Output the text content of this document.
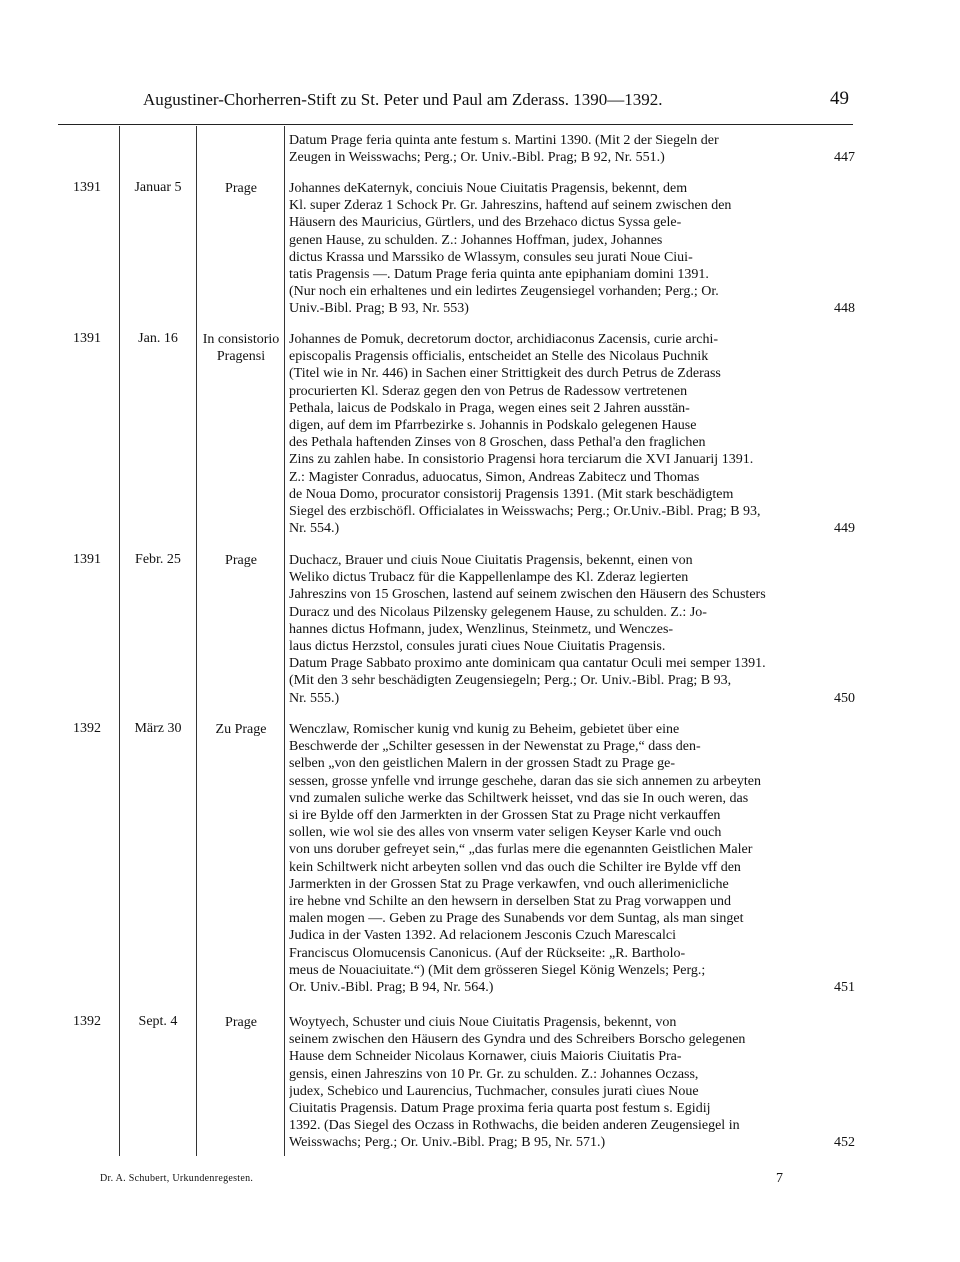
Augustiner-Chorherren-Stift zu St. Peter und Paul am Zderass. 1390—1392.	49
Datum Prage feria quinta ante festum s. Martini 1390. (Mit 2 der Siegeln der
Zeugen in Weisswachs; Perg.; Or. Univ.-Bibl. Prag; B 92, Nr. 551.)	447
1391	Januar 5	Prage	Johannes deKaternyk, conciuis Noue Ciuitatis Pragensis, bekennt, dem
Kl. super Zderaz 1 Schock Pr. Gr. Jahreszins, haftend auf seinem zwischen den
Häusern des Mauricius, Gürtlers, und des Brzehaco dictus Syssa gele-
genen Hause, zu schulden. Z.: Johannes Hoffman, judex, Johannes
dictus Krassa und Marssiko de Wlassym, consules seu jurati Noue Ciui-
tatis Pragensis —. Datum Prage feria quinta ante epiphaniam domini 1391.
(Nur noch ein erhaltenes und ein ledirtes Zeugensiegel vorhanden; Perg.; Or.
Univ.-Bibl. Prag; B 93, Nr. 553)	448
1391	Jan. 16	In consistorio Pragensi
Johannes de Pomuk, decretorum doctor, archidiaconus Zacensis, curie archi-
episcopalis Pragensis officialis, entscheidet an Stelle des Nicolaus Puchnik
(Titel wie in Nr. 446) in Sachen einer Strittigkeit des durch Petrus de Zderass
procurierten Kl. Sderaz gegen den von Petrus de Radessow vertretenen
Pethala, laicus de Podskalo in Praga, wegen eines seit 2 Jahren ausstän-
digen, auf dem im Pfarrbezirke s. Johannis in Podskalo gelegenen Hause
des Pethala haftenden Zinses von 8 Groschen, dass Pethal'a den fraglichen
Zins zu zahlen habe. In consistorio Pragensi hora terciarum die XVI Januarij 1391.
Z.: Magister Conradus, aduocatus, Simon, Andreas Zabitecz und Thomas
de Noua Domo, procurator consistorij Pragensis 1391. (Mit stark beschädigtem
Siegel des erzbischöfl. Officialates in Weisswachs; Perg.; Or.Univ.-Bibl. Prag; B 93,
Nr. 554.)	449
1391	Febr. 25	Prage	Duchacz, Brauer und ciuis Noue Ciuitatis Pragensis, bekennt, einen von
Weliko dictus Trubacz für die Kappellenlampe des Kl. Zderaz legierten
Jahreszins von 15 Groschen, lastend auf seinem zwischen den Häusern des Schusters
Duracz und des Nicolaus Pilzensky gelegenem Hause, zu schulden. Z.: Jo-
hannes dictus Hofmann, judex, Wenzlinus, Steinmetz, und Wenczes-
laus dictus Herzstol, consules jurati cìues Noue Ciuitatis Pragensis.
Datum Prage Sabbato proximo ante dominicam qua cantatur Oculi mei semper 1391.
(Mit den 3 sehr beschädigten Zeugensiegeln; Perg.; Or. Univ.-Bibl. Prag; B 93,
Nr. 555.)	450
1392	März 30	Zu Prage	Wenczlaw, Romischer kunig vnd kunig zu Beheim, gebietet über eine
Beschwerde der „Schilter gesessen in der Newenstat zu Prage,“ dass den-
selben „von den geistlichen Malern in der grossen Stadt zu Prage ge-
sessen, grosse ynfelle vnd irrunge geschehe, daran das sie sich annemen zu arbeyten
vnd zumalen suliche werke das Schiltwerk heisset, vnd das sie In ouch weren, das
si ire Bylde off den Jarmerkten in der Grossen Stat zu Prage nicht verkauffen
sollen, wie wol sie des alles von vnserm vater seligen Keyser Karle vnd ouch
von uns doruber gefreyet sein,“ „das furlas mere die egenannten Geistlichen Maler
kein Schiltwerk nicht arbeyten sollen vnd das ouch die Schilter ire Bylde vff den
Jarmerkten in der Grossen Stat zu Prage verkawfen, vnd ouch allerimenicliche
ire hebne vnd Schilte an den hewsern in derselben Stat zu Prag vorwappen und
malen mogen —. Geben zu Prage des Sunabends vor dem Suntag, als man singet
Judica in der Vasten 1392. Ad relacionem Jesconis Czuch Marescalci
Franciscus Olomucensis Canonicus. (Auf der Rückseite: „R. Bartholo-
meus de Nouaciuitate.“) (Mit dem grösseren Siegel König Wenzels; Perg.;
Or. Univ.-Bibl. Prag; B 94, Nr. 564.)	451
1392	Sept. 4	Prage	Woytyech, Schuster und ciuis Noue Ciuitatis Pragensis, bekennt, von
seinem zwischen den Häusern des Gyndra und des Schreibers Borscho gelegenen
Hause dem Schneider Nicolaus Kornawer, ciuis Maioris Ciuitatis Pra-
gensis, einen Jahreszins von 10 Pr. Gr. zu schulden. Z.: Johannes Oczass,
judex, Schebico und Laurencius, Tuchmacher, consules jurati cìues Noue
Ciuitatis Pragensis. Datum Prage proxima feria quarta post festum s. Egidij
1392. (Das Siegel des Oczass in Rothwachs, die beiden anderen Zeugensiegel in
Weisswachs; Perg.; Or. Univ.-Bibl. Prag; B 95, Nr. 571.)	452
Dr. A. Schubert, Urkundenregesten.	7
